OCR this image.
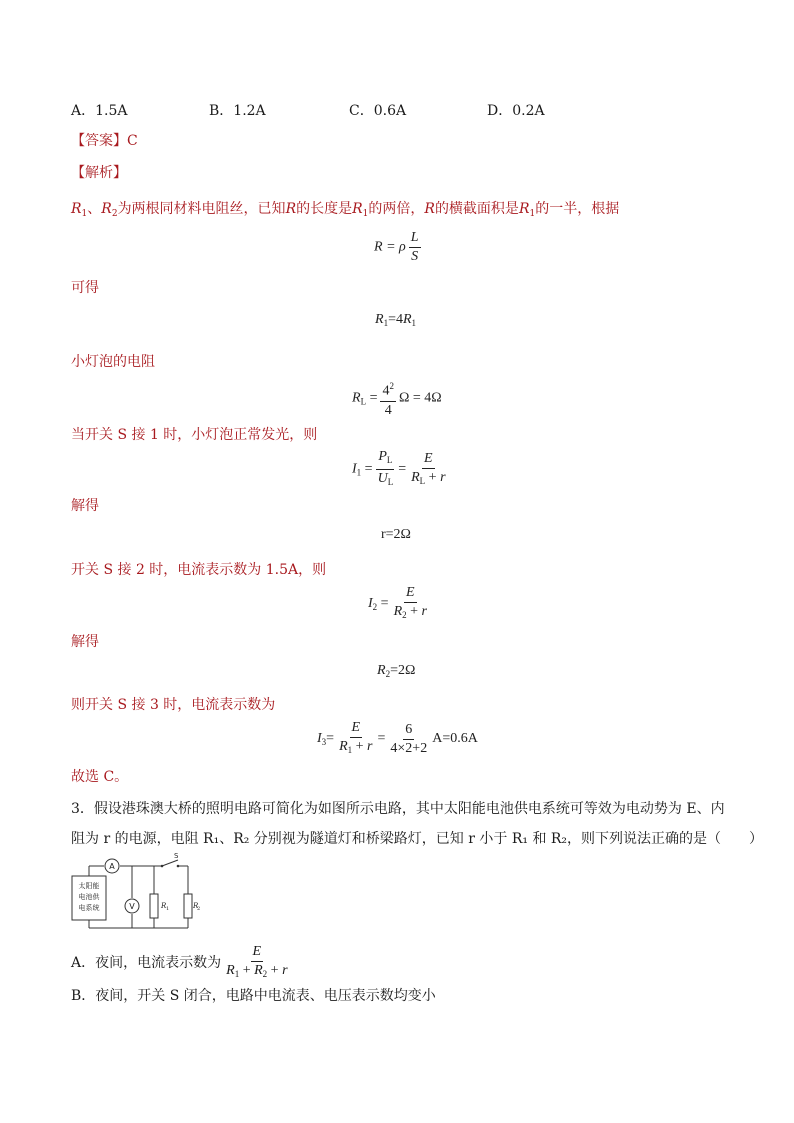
A．1.5A	B．1.2A	C．0.6A	D．0.2A
【答案】C
【解析】
$R_1$、$R_2$为两根同材料电阻丝，已知R的长度是$R_1$的两倍，R的横截面积是$R_1$的一半，根据
R = ρ $\frac{L}{S}$
可得
$R_1=4R_1$
小灯泡的电阻
$R_L = \frac{4^2}{4}$ Ω = 4Ω
当开关 S 接 1 时，小灯泡正常发光，则
$I_1 = \frac{P_L}{U_L} = \frac{E}{R_L + r}$
解得
r=2Ω
开关 S 接 2 时，电流表示数为 1.5A，则
$I_2 = \frac{E}{R_2 + r}$
解得
$R_2=2\Omega$
则开关 S 接 3 时，电流表示数为
$I_3= \frac{E}{R_1 + r} = \frac{6}{4\times 2+2} A=0.6A$
故选 C。
3．假设港珠澳大桥的照明电路可简化为如图所示电路，其中太阳能电池供电系统可等效为电动势为 E、内
阻为 r 的电源，电阻 R₁、R₂ 分别视为隧道灯和桥梁路灯，已知 r 小于 R₁ 和 R₂，则下列说法正确的是（　　）
太阳能
电池供
电系统
A
V	R 1
S
R
2
A．夜间，电流表示数为 $\frac{E}{R_1 + R_2 + r}$
B．夜间，开关 S 闭合，电路中电流表、电压表示数均变小
